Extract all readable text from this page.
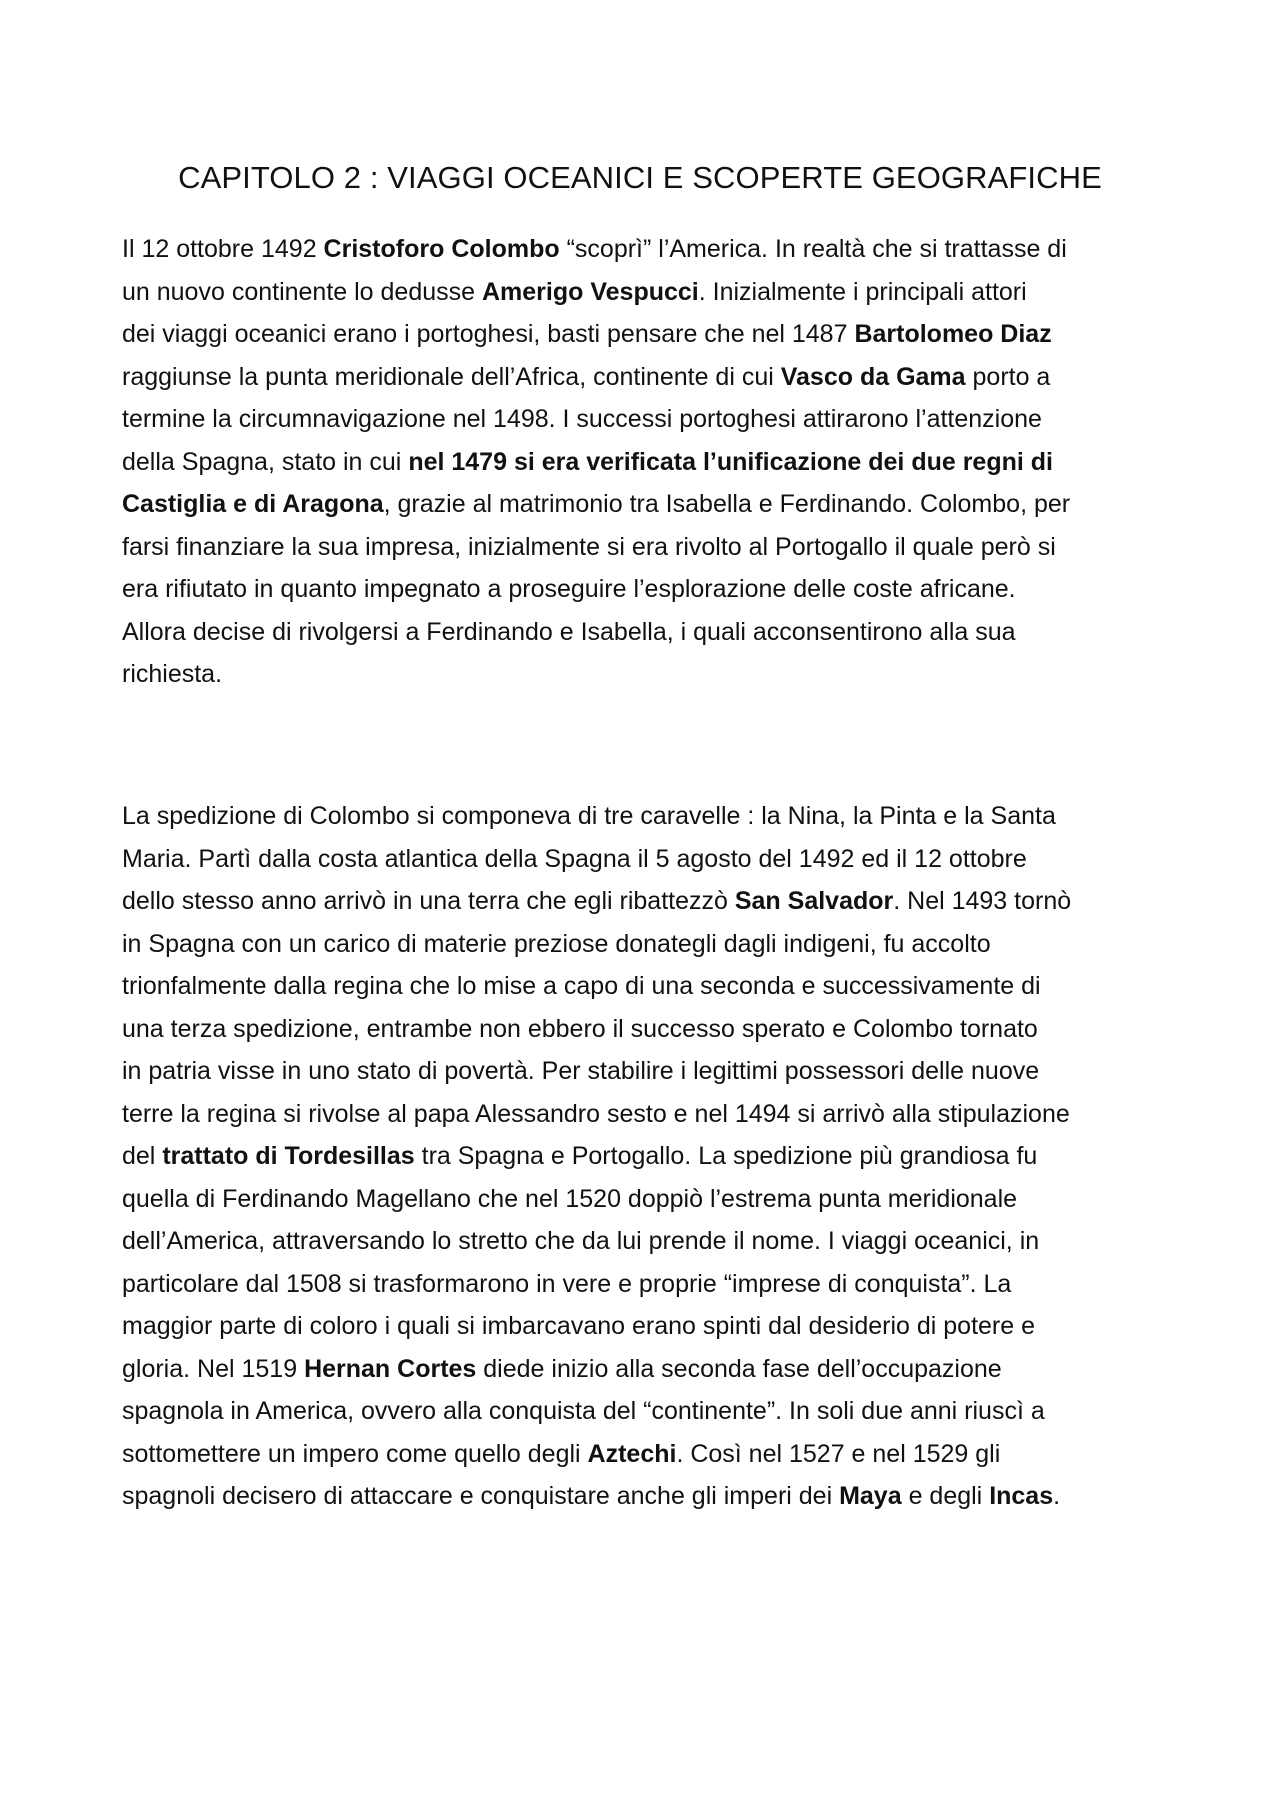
CAPITOLO 2 : VIAGGI OCEANICI E SCOPERTE GEOGRAFICHE

Il 12 ottobre 1492 Cristoforo Colombo “scoprì” l’America. In realtà che si trattasse di
un nuovo continente lo dedusse Amerigo Vespucci. Inizialmente i principali attori
dei viaggi oceanici erano i portoghesi, basti pensare che nel 1487 Bartolomeo Diaz
raggiunse la punta meridionale dell’Africa, continente di cui Vasco da Gama porto a
termine la circumnavigazione nel 1498. I successi portoghesi attirarono l’attenzione
della Spagna, stato in cui nel 1479 si era verificata l’unificazione dei due regni di
Castiglia e di Aragona, grazie al matrimonio tra Isabella e Ferdinando. Colombo, per
farsi finanziare la sua impresa, inizialmente si era rivolto al Portogallo il quale però si
era rifiutato in quanto impegnato a proseguire l’esplorazione delle coste africane.
Allora decise di rivolgersi a Ferdinando e Isabella, i quali acconsentirono alla sua
richiesta.

La spedizione di Colombo si componeva di tre caravelle : la Nina, la Pinta e la Santa
Maria. Partì dalla costa atlantica della Spagna il 5 agosto del 1492 ed il 12 ottobre
dello stesso anno arrivò in una terra che egli ribattezzò San Salvador. Nel 1493 tornò
in Spagna con un carico di materie preziose donategli dagli indigeni, fu accolto
trionfalmente dalla regina che lo mise a capo di una seconda e successivamente di
una terza spedizione, entrambe non ebbero il successo sperato e Colombo tornato
in patria visse in uno stato di povertà. Per stabilire i legittimi possessori delle nuove
terre la regina si rivolse al papa Alessandro sesto e nel 1494 si arrivò alla stipulazione
del trattato di Tordesillas tra Spagna e Portogallo. La spedizione più grandiosa fu
quella di Ferdinando Magellano che nel 1520 doppiò l’estrema punta meridionale
dell’America, attraversando lo stretto che da lui prende il nome. I viaggi oceanici, in
particolare dal 1508 si trasformarono in vere e proprie “imprese di conquista”. La
maggior parte di coloro i quali si imbarcavano erano spinti dal desiderio di potere e
gloria. Nel 1519 Hernan Cortes diede inizio alla seconda fase dell’occupazione
spagnola in America, ovvero alla conquista del “continente”. In soli due anni riuscì a
sottomettere un impero come quello degli Aztechi. Così nel 1527 e nel 1529 gli
spagnoli decisero di attaccare e conquistare anche gli imperi dei Maya e degli Incas.
